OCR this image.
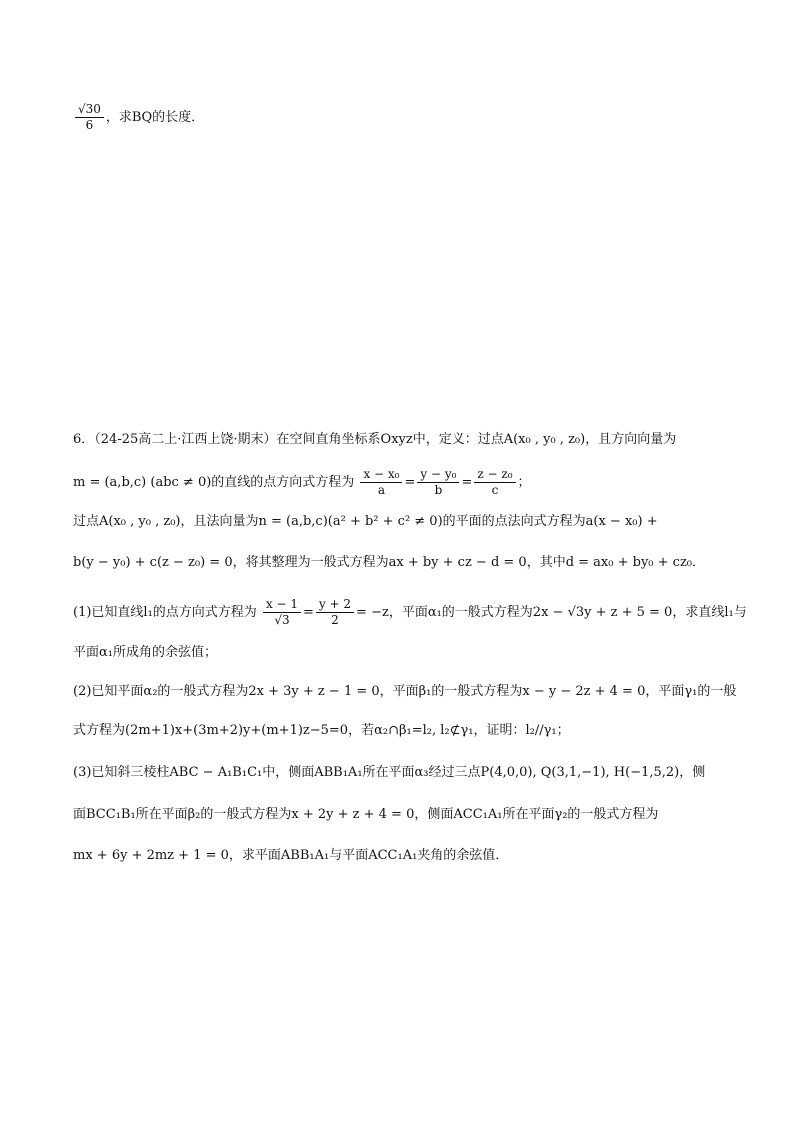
$\frac{√30}{6}$ ，求BQ的长度．
6．（24-25高二上·江西上饶·期末）在空间直角坐标系Oxyz中，定义：过点A(x₀ , y₀ , z₀)，且方向向量为
m = (a,b,c) (abc ≠ 0)的直线的点方向式方程为 $\frac{\text{x − x₀}}{a} = \frac{\text{y − y₀}}{b} = \frac{\text{z − z₀}}{c}$ ；
过点A(x₀ , y₀ , z₀)，且法向量为n = (a,b,c)(a² + b² + c² ≠ 0)的平面的点法向式方程为a(x − x₀) +
b(y − y₀) + c(z − z₀) = 0，将其整理为一般式方程为ax + by + cz − d = 0，其中d = ax₀ + by₀ + cz₀．
(1)已知直线l₁的点方向式方程为 $\frac{x - 1}{√3} = \frac{y + 2}{2} = -z$，平面α₁的一般式方程为2x − √3y + z + 5 = 0，求直线l₁与
平面α₁所成角的余弦值；
(2)已知平面α₂的一般式方程为2x + 3y + z − 1 = 0，平面β₁的一般式方程为x − y − 2z + 4 = 0，平面γ₁的一般
式方程为(2m+1)x+(3m+2)y+(m+1)z−5=0，若α₂∩β₁=l₂, l₂⊄γ₁，证明：l₂//γ₁；
(3)已知斜三棱柱ABC − A₁B₁C₁中，侧面ABB₁A₁所在平面α₃经过三点P(4,0,0), Q(3,1,−1), H(−1,5,2)，侧
面BCC₁B₁所在平面β₂的一般式方程为x + 2y + z + 4 = 0，侧面ACC₁A₁所在平面γ₂的一般式方程为
mx + 6y + 2mz + 1 = 0，求平面ABB₁A₁与平面ACC₁A₁夹角的余弦值．
